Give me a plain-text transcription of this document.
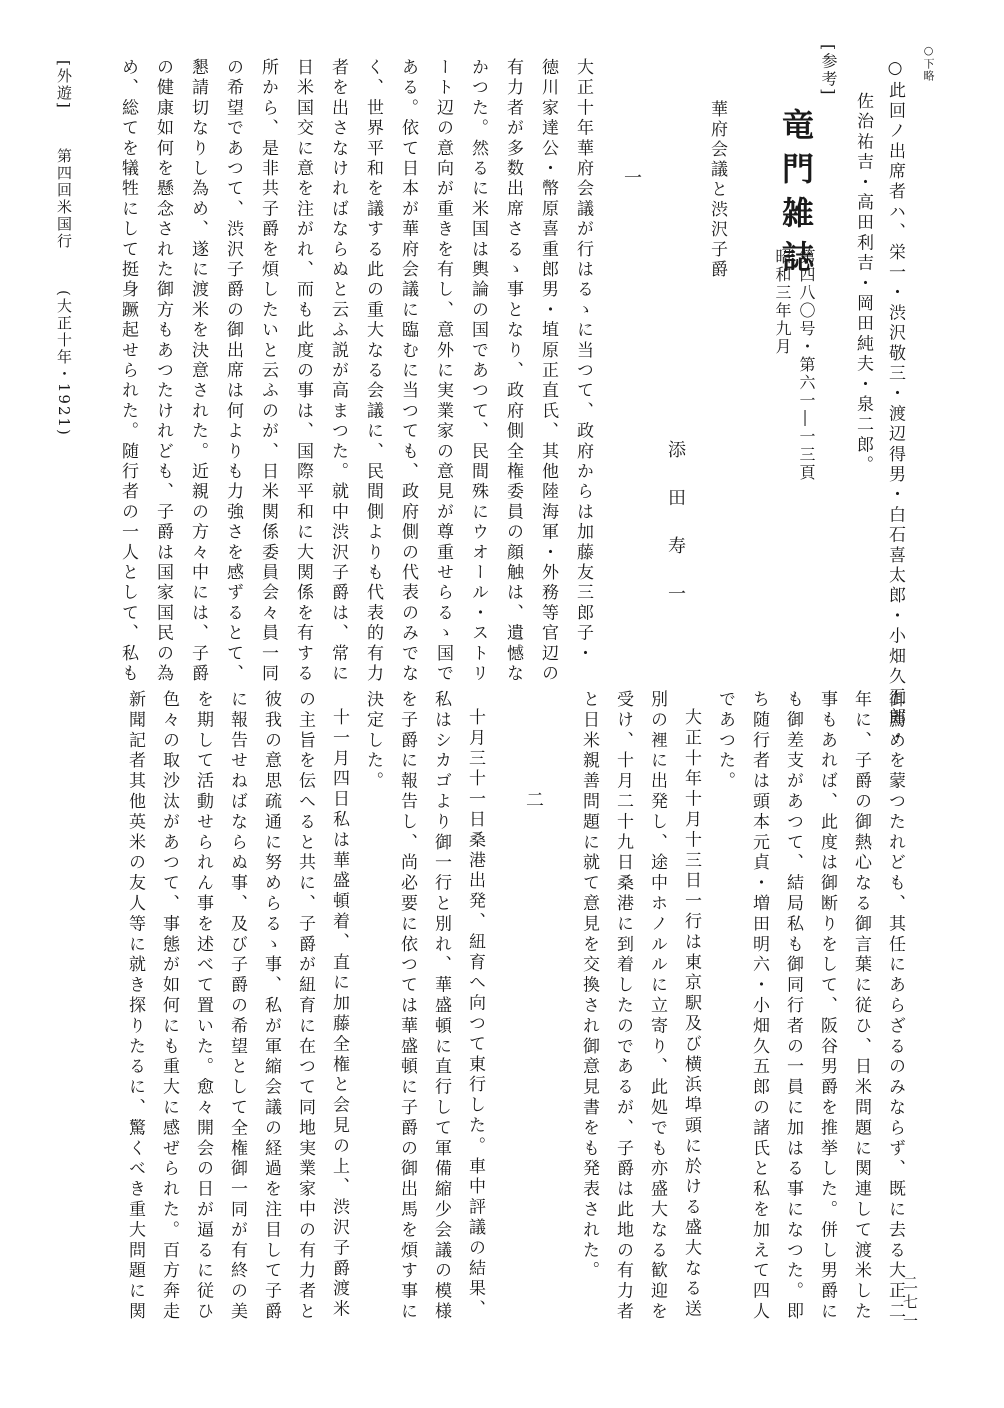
○下略
○此回ノ出席者ハ、栄一・渋沢敬三・渡辺得男・白石喜太郎・小畑久五郎・
佐治祐吉・高田利吉・岡田純夫・泉二郎。
[参考]
竜門雑誌
第四八〇号・第六一―一三頁
昭和三年九月
華府会議と渋沢子爵
添田寿一
一
大正十年華府会議が行はるゝに当つて、政府からは加藤友三郎子・
徳川家達公・幣原喜重郎男・埴原正直氏、其他陸海軍・外務等官辺の
有力者が多数出席さるゝ事となり、政府側全権委員の顔触は、遺憾な
かつた。然るに米国は輿論の国であつて、民間殊にウオール・ストリ
ート辺の意向が重きを有し、意外に実業家の意見が尊重せらるゝ国で
ある。依て日本が華府会議に臨むに当つても、政府側の代表のみでな
く、世界平和を議する此の重大なる会議に、民間側よりも代表的有力
者を出さなければならぬと云ふ説が高まつた。就中渋沢子爵は、常に
日米国交に意を注がれ、而も此度の事は、国際平和に大関係を有する
所から、是非共子爵を煩したいと云ふのが、日米関係委員会々員一同
の希望であつて、渋沢子爵の御出席は何よりも力強さを感ずるとて、
懇請切なりし為め、遂に渡米を決意された。近親の方々中には、子爵
の健康如何を懸念された御方もあつたけれども、子爵は国家国民の為
め、総てを犠牲にして挺身蹶起せられた。随行者の一人として、私も
[外遊]
第四回米国行
(大正十年・1921)
御薦めを蒙つたれども、其任にあらざるのみならず、既に去る大正二
年に、子爵の御熱心なる御言葉に従ひ、日米問題に関連して渡米した
事もあれば、此度は御断りをして、阪谷男爵を推挙した。併し男爵に
も御差支があつて、結局私も御同行者の一員に加はる事になつた。即
ち随行者は頭本元貞・増田明六・小畑久五郎の諸氏と私を加えて四人
であつた。
大正十年十月十三日一行は東京駅及び横浜埠頭に於ける盛大なる送
別の裡に出発し、途中ホノルルに立寄り、此処でも亦盛大なる歓迎を
受け、十月二十九日桑港に到着したのであるが、子爵は此地の有力者
と日米親善問題に就て意見を交換され御意見書をも発表された。
二
十月三十一日桑港出発、紐育へ向つて東行した。車中評議の結果、
私はシカゴより御一行と別れ、華盛頓に直行して軍備縮少会議の模様
を子爵に報告し、尚必要に依つては華盛頓に子爵の御出馬を煩す事に
決定した。
十一月四日私は華盛頓着、直に加藤全権と会見の上、渋沢子爵渡米
の主旨を伝へると共に、子爵が紐育に在つて同地実業家中の有力者と
彼我の意思疏通に努めらるゝ事、私が軍縮会議の経過を注目して子爵
に報告せねばならぬ事、及び子爵の希望として全権御一同が有終の美
を期して活動せられん事を述べて置いた。愈々開会の日が逼るに従ひ
色々の取沙汰があつて、事態が如何にも重大に感ぜられた。百方奔走
新聞記者其他英米の友人等に就き探りたるに、驚くべき重大問題に関	二七一
